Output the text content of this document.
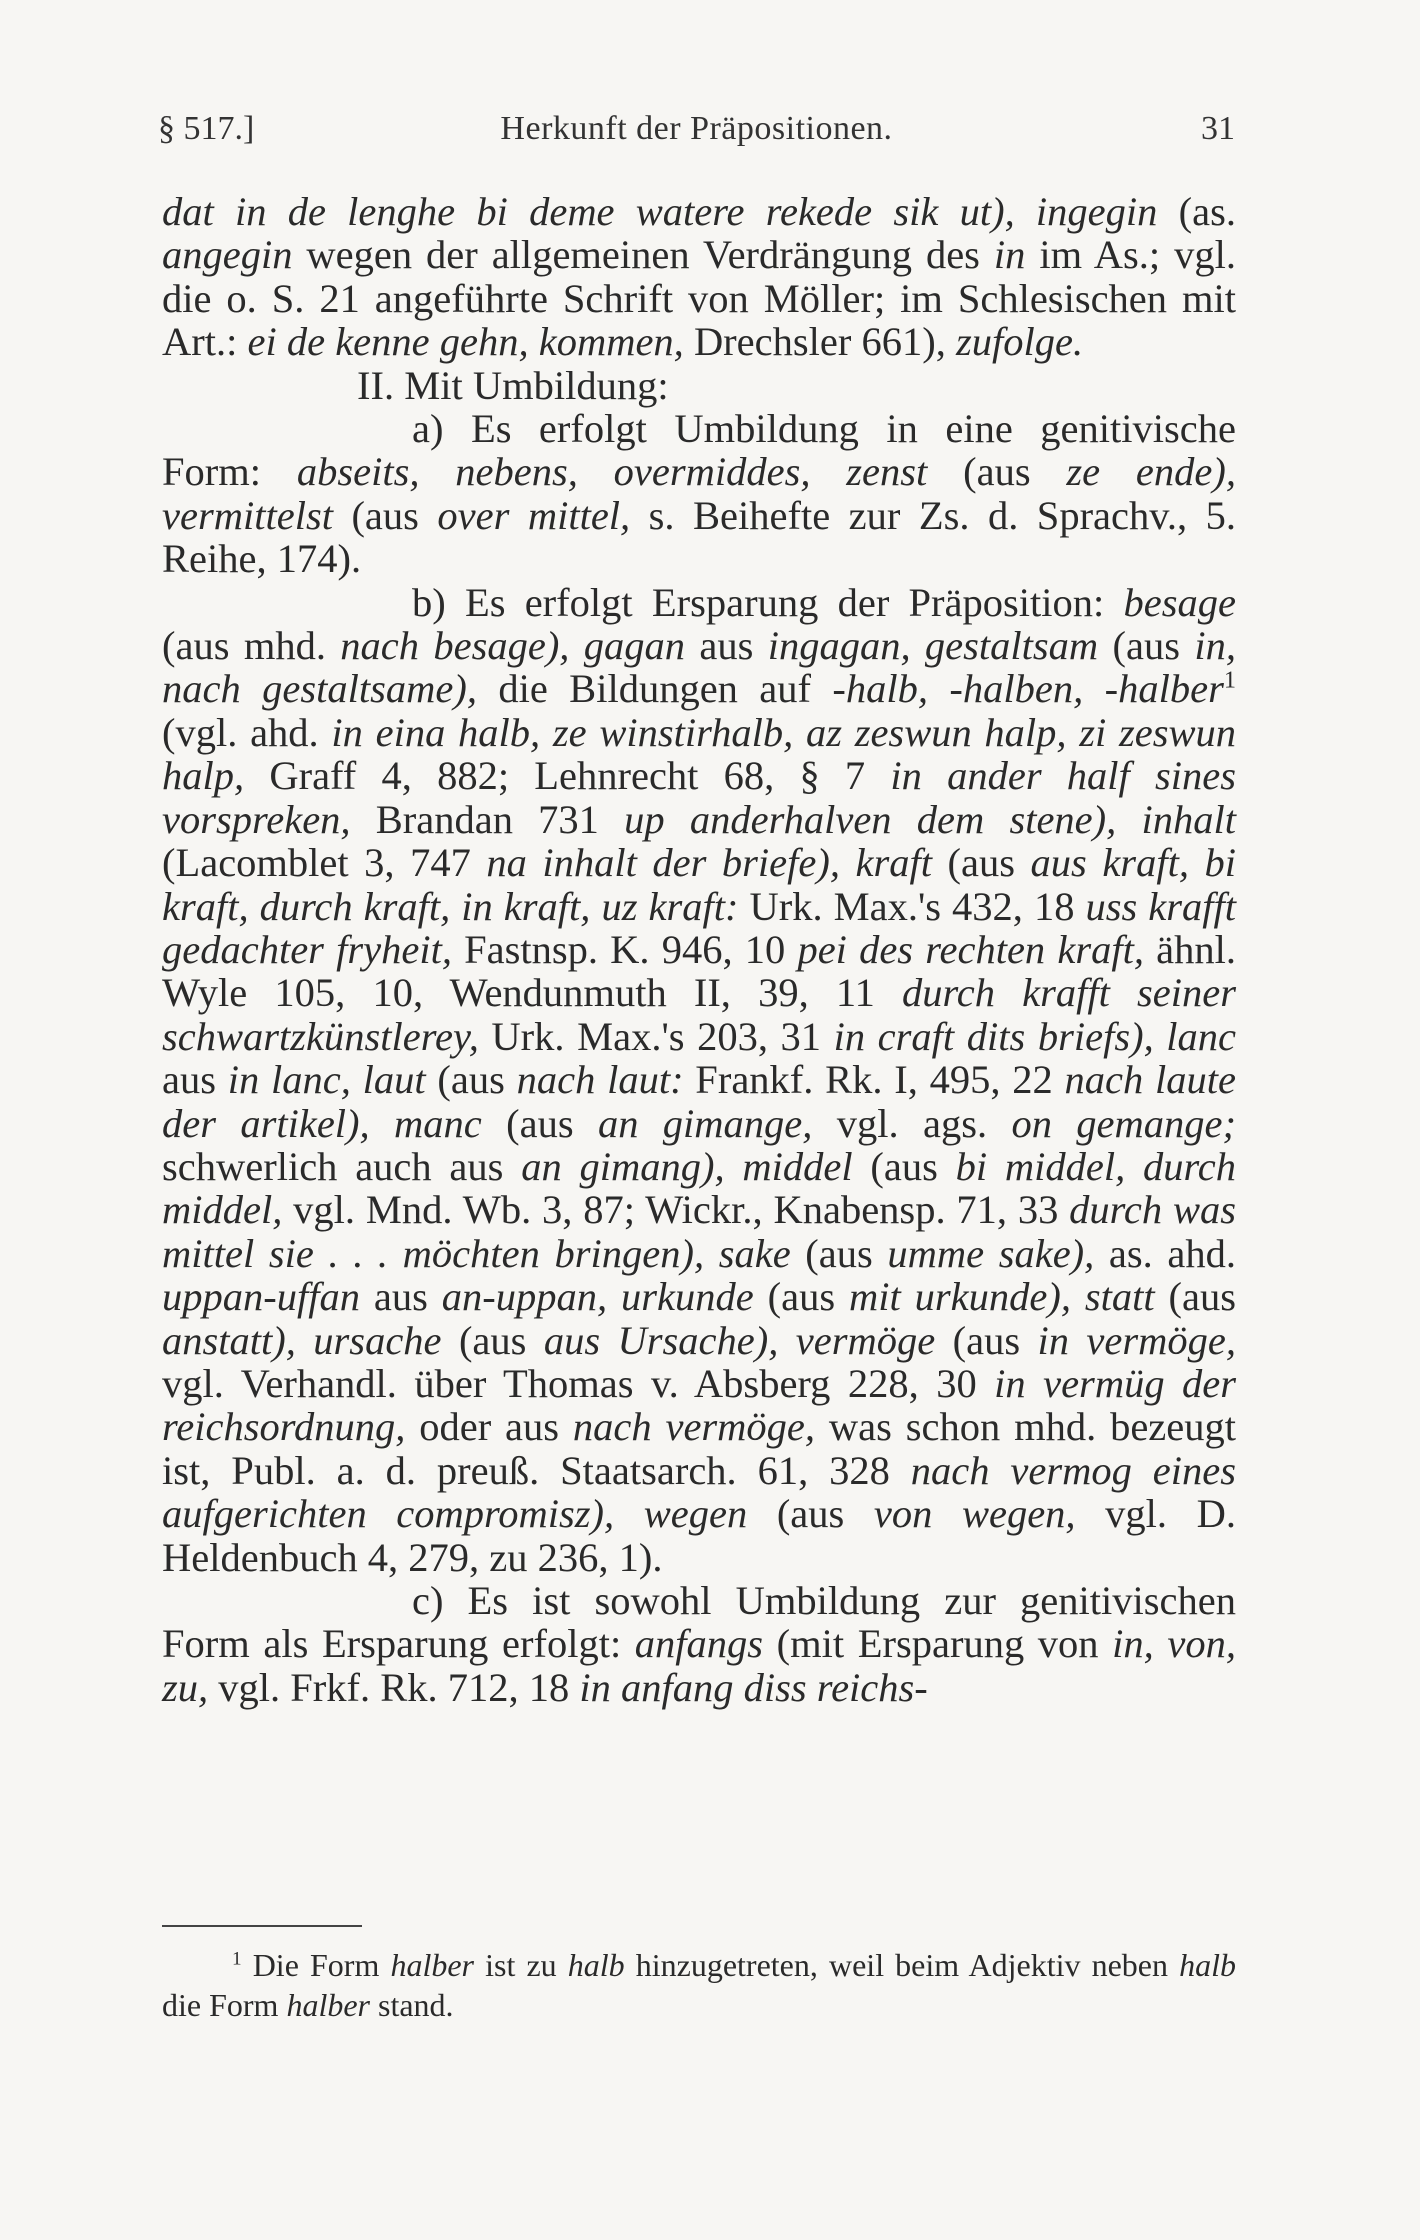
§ 517.]	Herkunft der Präpositionen.	31

dat in de lenghe bi deme watere rekede sik ut), ingegin (as. angegin wegen der allgemeinen Verdrängung des in im As.; vgl. die o. S. 21 angeführte Schrift von Möller; im Schlesischen mit Art.: ei de kenne gehn, kommen, Drechsler 661), zufolge.

II. Mit Umbildung:

a) Es erfolgt Umbildung in eine genitivische Form: abseits, nebens, overmiddes, zenst (aus ze ende), vermittelst (aus over mittel, s. Beihefte zur Zs. d. Sprachv., 5. Reihe, 174).

b) Es erfolgt Ersparung der Präposition: besage (aus mhd. nach besage), gagan aus ingagan, gestaltsam (aus in, nach gestaltsame), die Bildungen auf -halb, -halben, -halber$^1$ (vgl. ahd. in eina halb, ze winstirhalb, az zeswun halp, zi zeswun halp, Graff 4, 882; Lehnrecht 68, § 7 in ander half sines vorspreken, Brandan 731 up anderhalven dem stene), inhalt (Lacomblet 3, 747 na inhalt der briefe), kraft (aus aus kraft, bi kraft, durch kraft, in kraft, uz kraft: Urk. Max.'s 432, 18 uss krafft gedachter fryheit, Fastnsp. K. 946, 10 pei des rechten kraft, ähnl. Wyle 105, 10, Wendunmuth II, 39, 11 durch krafft seiner schwartzkünstlerey, Urk. Max.'s 203, 31 in craft dits briefs), lanc aus in lanc, laut (aus nach laut: Frankf. Rk. I, 495, 22 nach laute der artikel), manc (aus an gimange, vgl. ags. on gemange; schwerlich auch aus an gimang), middel (aus bi middel, durch middel, vgl. Mnd. Wb. 3, 87; Wickr., Knabensp. 71, 33 durch was mittel sie . . . möchten bringen), sake (aus umme sake), as. ahd. uppan-uffan aus an-uppan, urkunde (aus mit urkunde), statt (aus anstatt), ursache (aus aus Ursache), vermöge (aus in vermöge, vgl. Verhandl. über Thomas v. Absberg 228, 30 in vermüg der reichsordnung, oder aus nach vermöge, was schon mhd. bezeugt ist, Publ. a. d. preuß. Staatsarch. 61, 328 nach vermog eines aufgerichten compromisz), wegen (aus von wegen, vgl. D. Heldenbuch 4, 279, zu 236, 1).

c) Es ist sowohl Umbildung zur genitivischen Form als Ersparung erfolgt: anfangs (mit Ersparung von in, von, zu, vgl. Frkf. Rk. 712, 18 in anfang diss reichs-

$^1$ Die Form halber ist zu halb hinzugetreten, weil beim Adjektiv neben halb die Form halber stand.
